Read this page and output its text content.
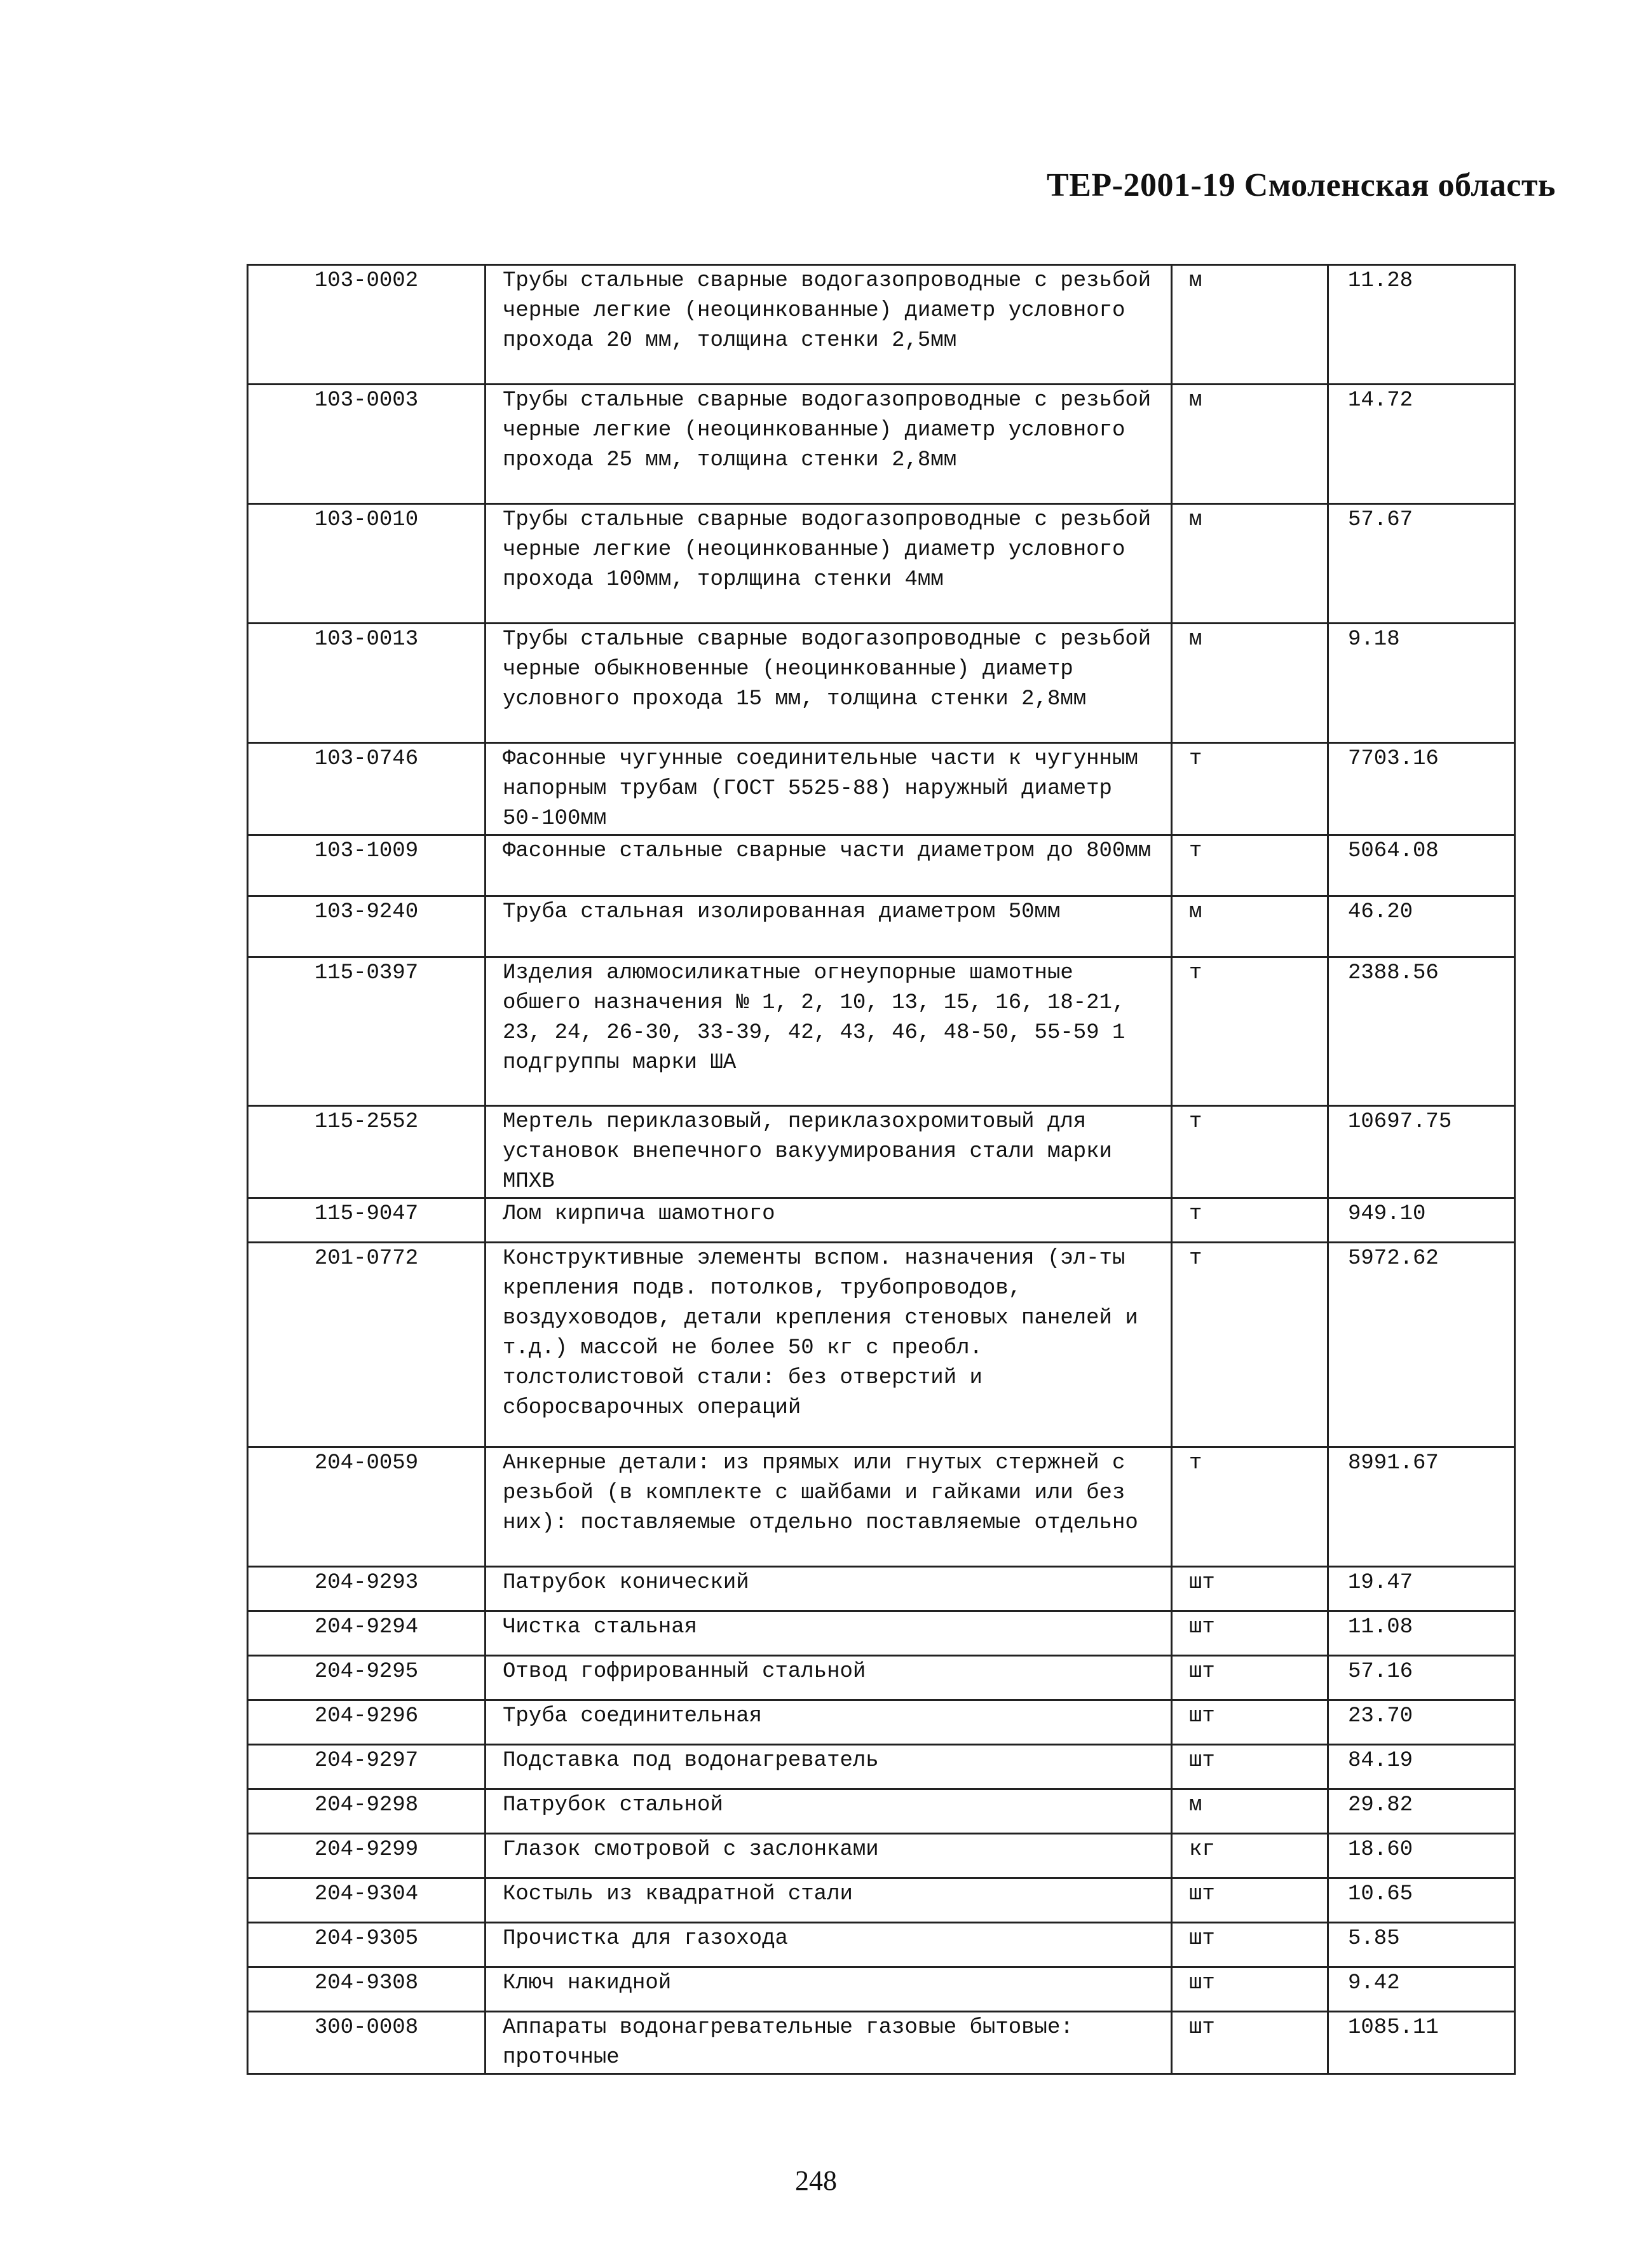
ТЕР-2001-19 Смоленская область
103-0002	Трубы стальные сварные водогазопроводные с резьбой черные легкие (неоцинкованные) диаметр условного прохода 20 мм, толщина стенки 2,5мм	м	11.28
103-0003	Трубы стальные сварные водогазопроводные с резьбой черные легкие (неоцинкованные) диаметр условного прохода 25 мм, толщина стенки 2,8мм	м	14.72
103-0010	Трубы стальные сварные водогазопроводные с резьбой черные легкие (неоцинкованные) диаметр условного прохода 100мм, торлщина стенки 4мм	м	57.67
103-0013	Трубы стальные сварные водогазопроводные с резьбой черные обыкновенные (неоцинкованные) диаметр условного прохода 15 мм, толщина стенки 2,8мм	м	9.18
103-0746	Фасонные чугунные соединительные части к чугунным напорным трубам (ГОСТ 5525-88) наружный диаметр 50-100мм	т	7703.16
103-1009	Фасонные стальные сварные части диаметром до 800мм	т	5064.08
103-9240	Труба стальная изолированная диаметром 50мм	м	46.20
115-0397	Изделия алюмосиликатные огнеупорные шамотные обшего назначения № 1, 2, 10, 13, 15, 16, 18-21, 23, 24, 26-30, 33-39, 42, 43, 46, 48-50, 55-59 1 подгруппы марки ША	т	2388.56
115-2552	Мертель периклазовый, периклазохромитовый для установок внепечного вакуумирования стали марки МПХВ	т	10697.75
115-9047	Лом кирпича шамотного	т	949.10
201-0772	Конструктивные элементы вспом. назначения (эл-ты крепления подв. потолков, трубопроводов, воздуховодов, детали крепления стеновых панелей и т.д.) массой не более 50 кг с преобл. толстолистовой стали: без отверстий и сборосварочных операций	т	5972.62
204-0059	Анкерные детали: из прямых или гнутых стержней с резьбой (в комплекте с шайбами и гайками или без них): поставляемые отдельно поставляемые отдельно	т	8991.67
204-9293	Патрубок конический	шт	19.47
204-9294	Чистка стальная	шт	11.08
204-9295	Отвод гофрированный стальной	шт	57.16
204-9296	Труба соединительная	шт	23.70
204-9297	Подставка под водонагреватель	шт	84.19
204-9298	Патрубок стальной	м	29.82
204-9299	Глазок смотровой с заслонками	кг	18.60
204-9304	Костыль из квадратной стали	шт	10.65
204-9305	Прочистка для газохода	шт	5.85
204-9308	Ключ накидной	шт	9.42
300-0008	Аппараты водонагревательные газовые бытовые: проточные	шт	1085.11
248
